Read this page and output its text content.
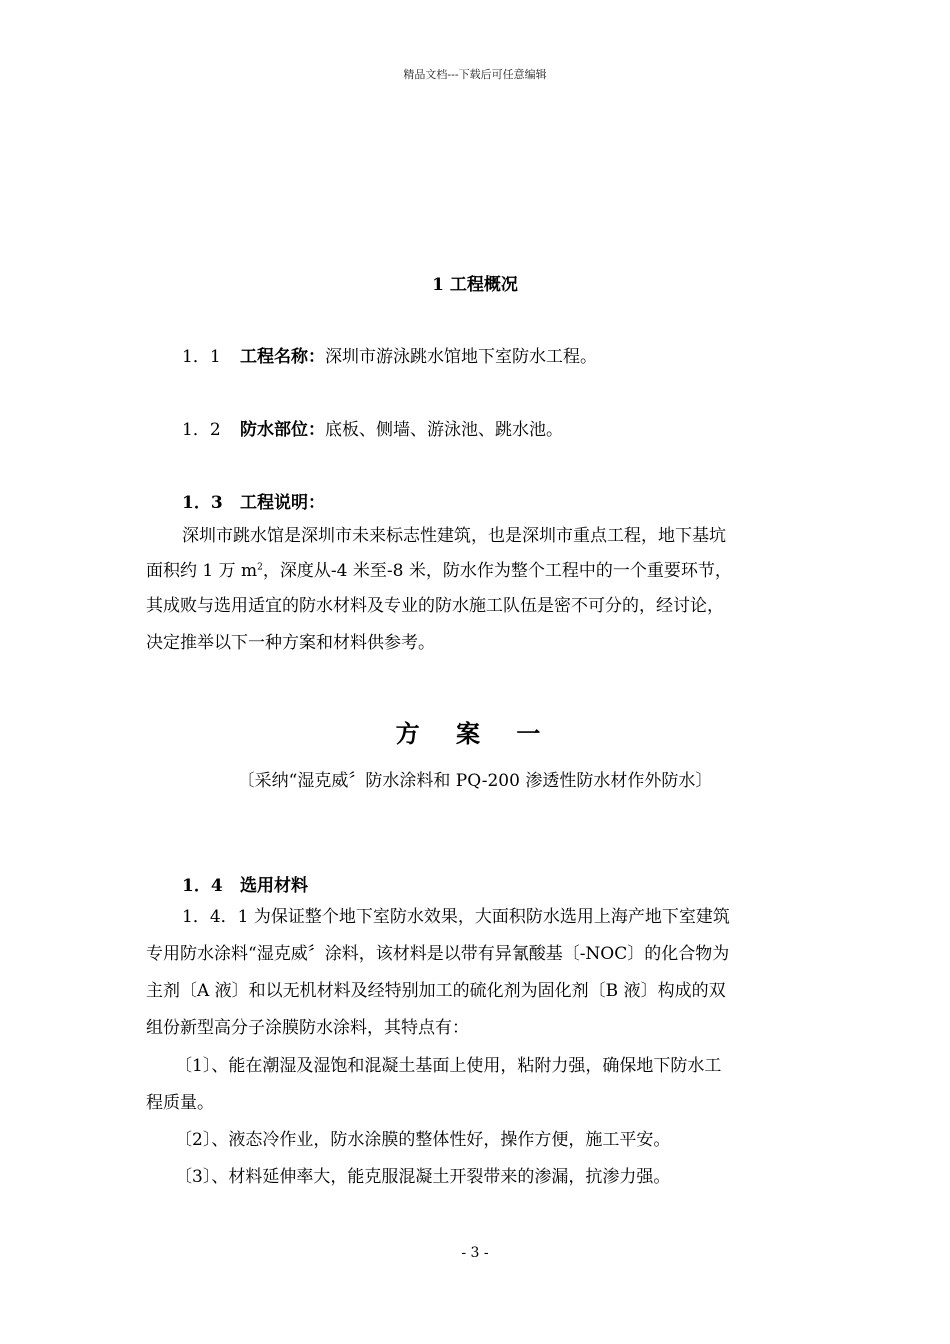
精品文档---下载后可任意编辑
1 工程概况
1．1 工程名称：深圳市游泳跳水馆地下室防水工程。
1．2 防水部位：底板、侧墙、游泳池、跳水池。
1．3 工程说明：
深圳市跳水馆是深圳市未来标志性建筑，也是深圳市重点工程，地下基坑
面积约 1 万 $m^2$，深度从-4 米至-8 米，防水作为整个工程中的一个重要环节，
其成败与选用适宜的防水材料及专业的防水施工队伍是密不可分的，经讨论，
决定推举以下一种方案和材料供参考。
方 案 一
〔采纳“湿克威〞防水涂料和 PQ-200 渗透性防水材作外防水〕
1．4 选用材料
1．4．1 为保证整个地下室防水效果，大面积防水选用上海产地下室建筑
专用防水涂料“湿克威〞涂料，该材料是以带有异氰酸基〔-NOC〕的化合物为
主剂〔A 液〕和以无机材料及经特别加工的硫化剂为固化剂〔B 液〕构成的双
组份新型高分子涂膜防水涂料，其特点有：
〔1〕、能在潮湿及湿饱和混凝土基面上使用，粘附力强，确保地下防水工
程质量。
〔2〕、液态冷作业，防水涂膜的整体性好，操作方便，施工平安。
〔3〕、材料延伸率大，能克服混凝土开裂带来的渗漏，抗渗力强。
- 3 -
